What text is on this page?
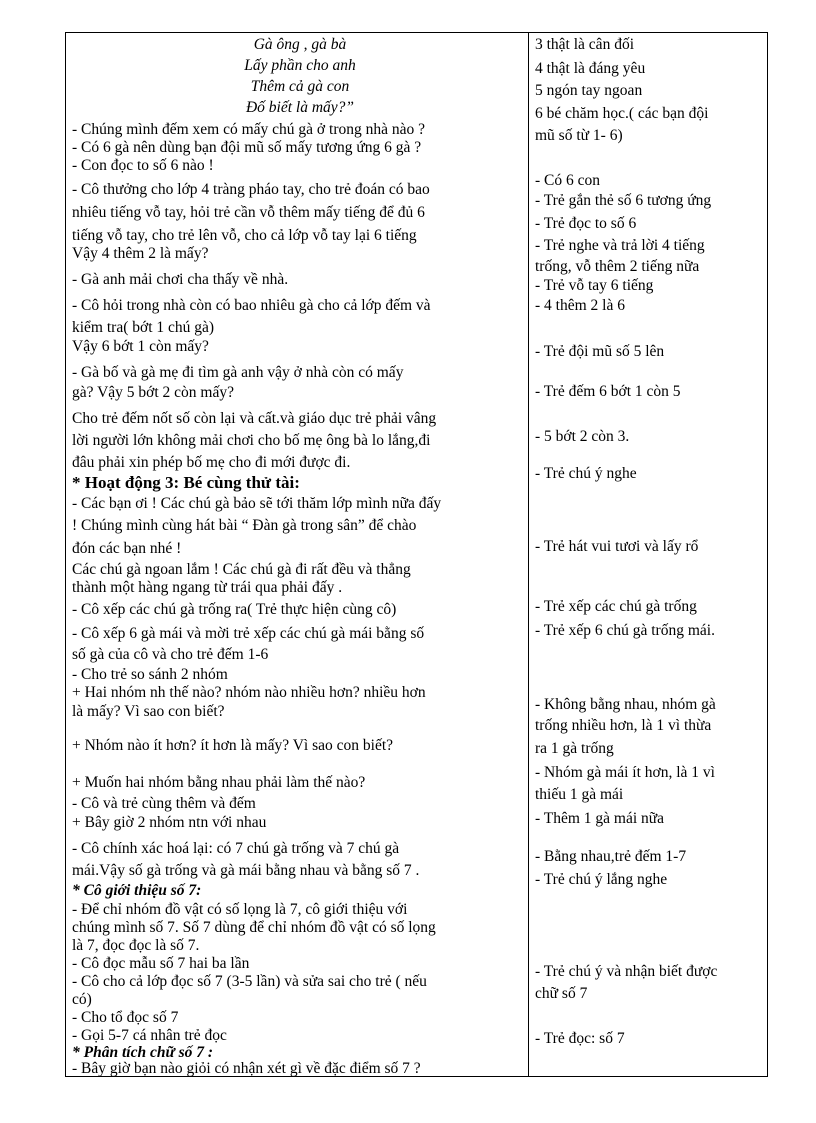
Gà ông , gà bà
Lấy phần cho anh
Thêm cả gà con
Đố biết là mấy?”
- Chúng mình đếm xem có mấy chú gà ở trong nhà nào ?
- Có 6 gà nên dùng bạn đội mũ số mấy tương ứng 6 gà ?
- Con đọc to số 6 nào !
- Cô thưởng cho lớp 4 tràng pháo tay, cho trẻ đoán có bao
nhiêu tiếng vỗ tay, hỏi trẻ cần vỗ thêm mấy tiếng để đủ 6
tiếng vỗ tay, cho trẻ lên vỗ, cho cả lớp vỗ tay lại 6 tiếng
Vậy 4 thêm 2 là mấy?
- Gà anh mải chơi cha thấy về nhà.
- Cô hỏi trong nhà còn có bao nhiêu gà cho cả lớp đếm và
kiểm tra( bớt 1 chú gà)
Vậy 6 bớt 1 còn mấy?
- Gà bố và gà mẹ đi tìm gà anh vậy ở nhà còn có mấy
gà? Vậy 5 bớt 2 còn mấy?
Cho trẻ đếm nốt số còn lại và cất.và giáo dục trẻ phải vâng
lời người lớn không mải chơi cho bố mẹ ông bà lo lắng,đi
đâu phải xin phép bố mẹ cho đi mới được đi.
* Hoạt động 3: Bé cùng thử tài:
- Các bạn ơi ! Các chú gà bảo sẽ tới thăm lớp mình nữa đấy
! Chúng mình cùng hát bài “ Đàn gà trong sân” để chào
đón các bạn nhé !
Các chú gà ngoan lắm ! Các chú gà đi rất đều và thẳng
thành một hàng ngang từ trái qua phải đấy .
- Cô xếp các chú gà trống ra( Trẻ thực hiện cùng cô)
- Cô xếp 6 gà mái và mời trẻ xếp các chú gà mái bằng số
số gà của cô và cho trẻ đếm 1-6
- Cho trẻ so sánh 2 nhóm
+ Hai nhóm nh thế nào? nhóm nào nhiều hơn? nhiều hơn
là mấy? Vì sao con biết?
+ Nhóm nào ít hơn? ít hơn là mấy? Vì sao con biết?
+ Muốn hai nhóm bằng nhau phải làm thế nào?
- Cô và trẻ cùng thêm và đếm
+ Bây giờ 2 nhóm ntn với nhau
- Cô chính xác hoá lại: có 7 chú gà trống và 7 chú gà
mái.Vậy số gà trống và gà mái bằng nhau và bằng số 7 .
* Cô giới thiệu số 7:
- Để chỉ nhóm đồ vật có số lọng là 7, cô giới thiệu với
chúng mình số 7. Số 7 dùng để chỉ nhóm đồ vật có số lọng
là 7, đọc đọc là số 7.
- Cô đọc mẫu số 7 hai ba lần
- Cô cho cả lớp đọc số 7 (3-5 lần) và sửa sai cho trẻ ( nếu
có)
- Cho tổ đọc số 7
- Gọi 5-7 cá nhân trẻ đọc
* Phân tích chữ số 7 :
- Bây giờ bạn nào giỏi có nhận xét gì về đặc điểm số 7 ?
3 thật là cân đối
4 thật là đáng yêu
5 ngón tay ngoan
6 bé chăm học.( các bạn đội
mũ số từ 1- 6)
- Có 6 con
- Trẻ gắn thẻ số 6 tương ứng
- Trẻ đọc to số 6
- Trẻ nghe và trả lời 4 tiếng
trống, vỗ thêm 2 tiếng nữa
- Trẻ vỗ tay 6 tiếng
- 4 thêm 2 là 6
- Trẻ đội mũ số 5 lên
- Trẻ đếm 6 bớt 1 còn 5
- 5 bớt 2 còn 3.
- Trẻ chú ý nghe
- Trẻ hát vui tươi và lấy rổ
- Trẻ xếp các chú gà trống
- Trẻ xếp 6 chú gà trống mái.
- Không bằng nhau, nhóm gà
trống nhiều hơn, là 1 vì thừa
ra 1 gà trống
- Nhóm gà mái ít hơn, là 1 vì
thiếu 1 gà mái
- Thêm 1 gà mái nữa
- Bằng nhau,trẻ đếm 1-7
- Trẻ chú ý lắng nghe
- Trẻ chú ý và nhận biết được
chữ số 7
- Trẻ đọc: số 7
